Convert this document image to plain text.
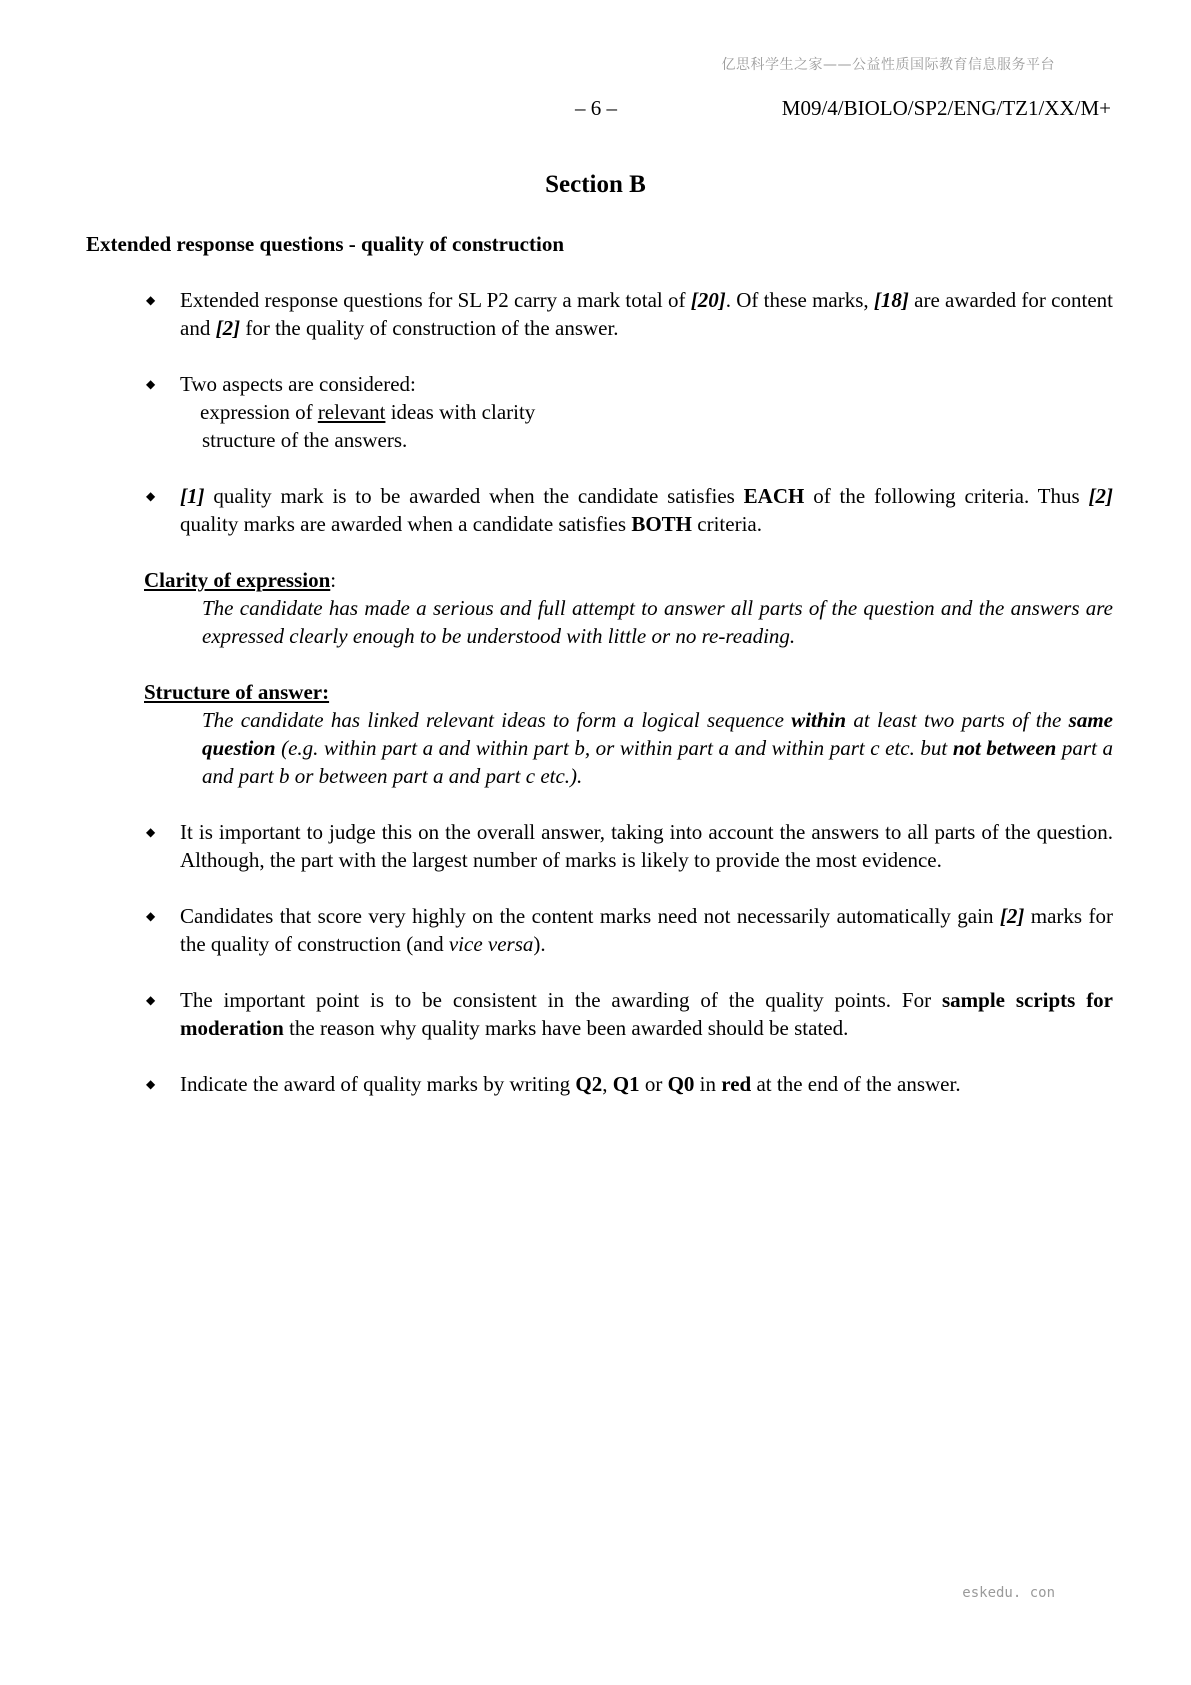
亿思科学生之家——公益性质国际教育信息服务平台
– 6 –	M09/4/BIOLO/SP2/ENG/TZ1/XX/M+
Section B
Extended response questions - quality of construction
◆ Extended response questions for SL P2 carry a mark total of [20]. Of these marks, [18] are awarded for content and [2] for the quality of construction of the answer.
◆ Two aspects are considered:
expression of relevant ideas with clarity
structure of the answers.
◆ [1] quality mark is to be awarded when the candidate satisfies EACH of the following criteria. Thus [2] quality marks are awarded when a candidate satisfies BOTH criteria.
Clarity of expression:
The candidate has made a serious and full attempt to answer all parts of the question and the answers are expressed clearly enough to be understood with little or no re-reading.
Structure of answer:
The candidate has linked relevant ideas to form a logical sequence within at least two parts of the same question (e.g. within part a and within part b, or within part a and within part c etc. but not between part a and part b or between part a and part c etc.).
◆ It is important to judge this on the overall answer, taking into account the answers to all parts of the question. Although, the part with the largest number of marks is likely to provide the most evidence.
◆ Candidates that score very highly on the content marks need not necessarily automatically gain [2] marks for the quality of construction (and vice versa).
◆ The important point is to be consistent in the awarding of the quality points. For sample scripts for moderation the reason why quality marks have been awarded should be stated.
◆ Indicate the award of quality marks by writing Q2, Q1 or Q0 in red at the end of the answer.
eskedu. con
